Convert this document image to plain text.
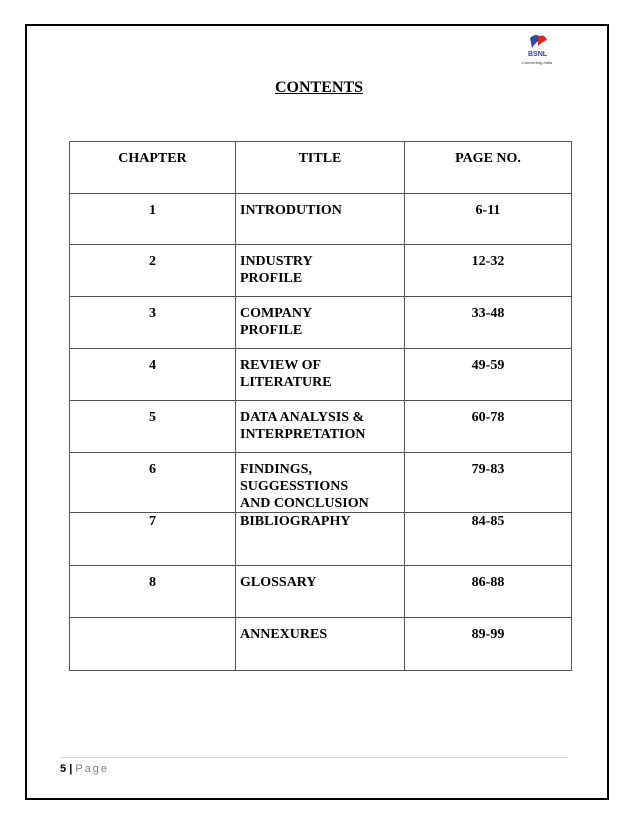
BSNL
Connecting India
CONTENTS
CHAPTER	TITLE	PAGE NO.

1	INTRODUTION	6-11

2	INDUSTRY
PROFILE	12-32

3	COMPANY
PROFILE	33-48

4	REVIEW OF
LITERATURE	49-59

5	DATA ANALYSIS &
INTERPRETATION	60-78

6	FINDINGS,
SUGGESSTIONS
AND CONCLUSION	79-83

7	BIBLIOGRAPHY	84-85

8	GLOSSARY	86-88

	ANNEXURES	89-99
5 | Page
